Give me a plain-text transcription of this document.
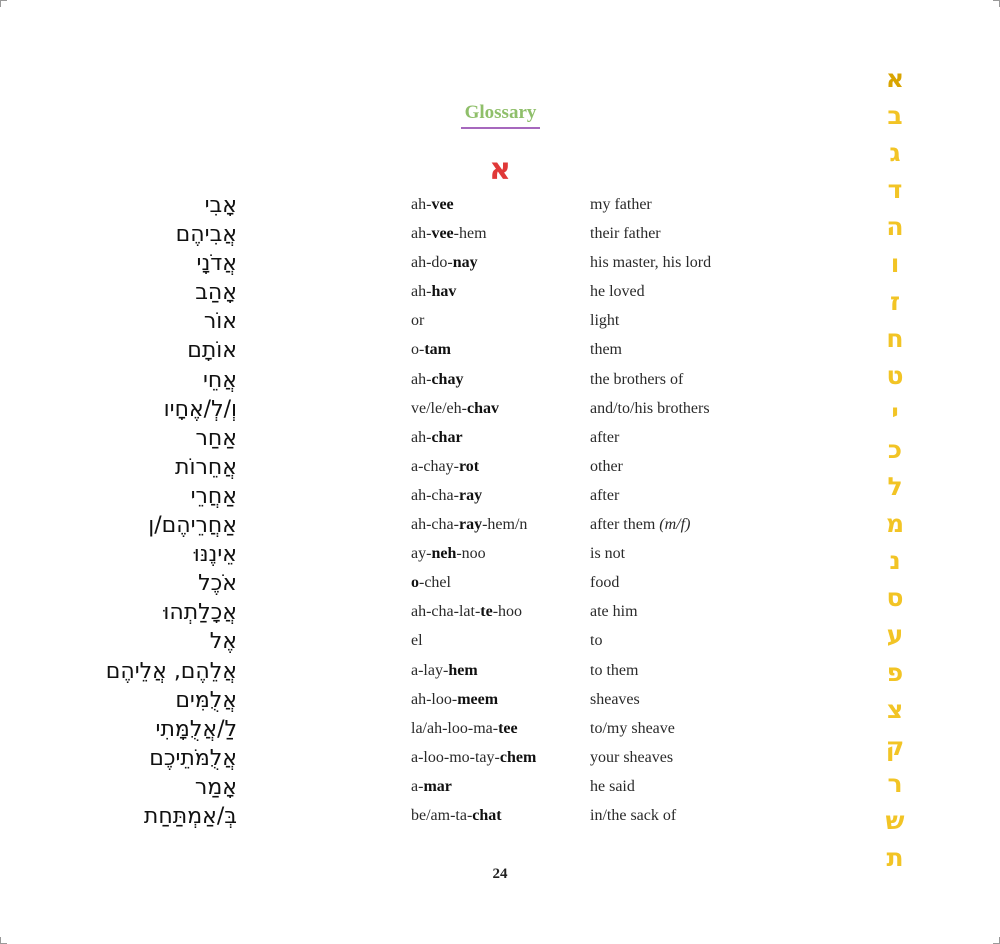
Glossary
א
אָבִי	ah-vee	my father
אֲבִיהֶם	ah-vee-hem	their father
אֲדֹנָי	ah-do-nay	his master, his lord
אָהַב	ah-hav	he loved
אוֹר	or	light
אוֹתָם	o-tam	them
אֲחֵי	ah-chay	the brothers of
וְ/לְ/אֶחָיו	ve/le/eh-chav	and/to/his brothers
אַחַר	ah-char	after
אֲחֵרוֹת	a-chay-rot	other
אַחֲרֵי	ah-cha-ray	after
אַחֲרֵיהֶם/ן	ah-cha-ray-hem/n	after them (m/f)
אֵינֶנּוּ	ay-neh-noo	is not
אֹכֶל	o-chel	food
אֲכָלַתְהוּ	ah-cha-lat-te-hoo	ate him
אֶל	el	to
אֲלֵהֶם, אֲלֵיהֶם	a-lay-hem	to them
אֲלֻמִּים	ah-loo-meem	sheaves
לַ/אֲלֻמָּתִי	la/ah-loo-ma-tee	to/my sheave
אֲלֻמֹּתֵיכֶם	a-loo-mo-tay-chem	your sheaves
אָמַר	a-mar	he said
בְּ/אַמְתַּחַת	be/am-ta-chat	in/the sack of
א
ב
ג
ד
ה
ו
ז
ח
ט
י
כ
ל
מ
נ
ס
ע
פ
צ
ק
ר
ש
ת
24
